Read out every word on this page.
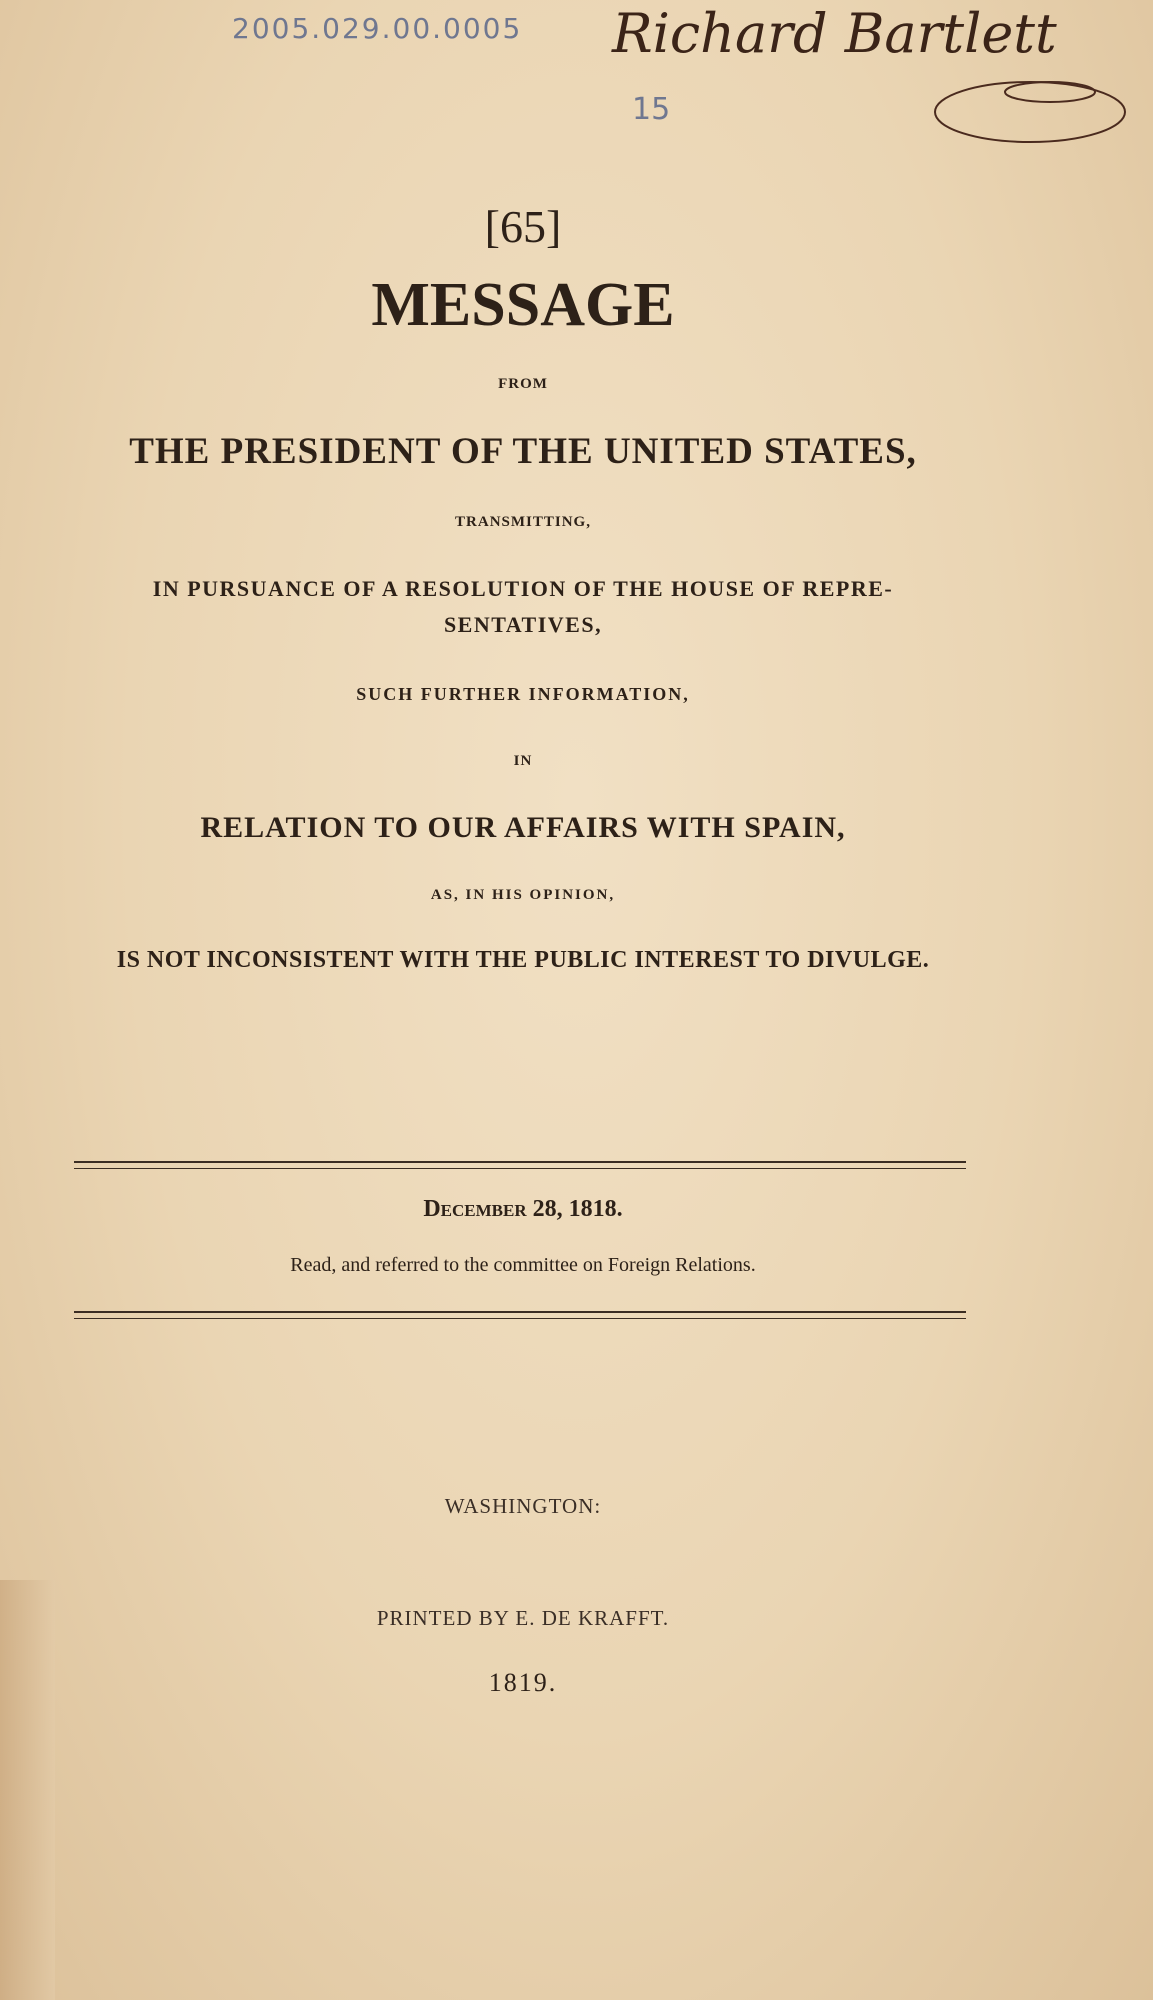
2005.029.00.0005 Richard Bartlett
15
[65]
MESSAGE
FROM
THE PRESIDENT OF THE UNITED STATES,
TRANSMITTING,
IN PURSUANCE OF A RESOLUTION OF THE HOUSE OF REPRE-
SENTATIVES,
SUCH FURTHER INFORMATION,
IN
RELATION TO OUR AFFAIRS WITH SPAIN,
AS, IN HIS OPINION,
IS NOT INCONSISTENT WITH THE PUBLIC INTEREST TO DIVULGE.
December 28, 1818.
Read, and referred to the committee on Foreign Relations.
WASHINGTON:
PRINTED BY E. DE KRAFFT.
1819.
